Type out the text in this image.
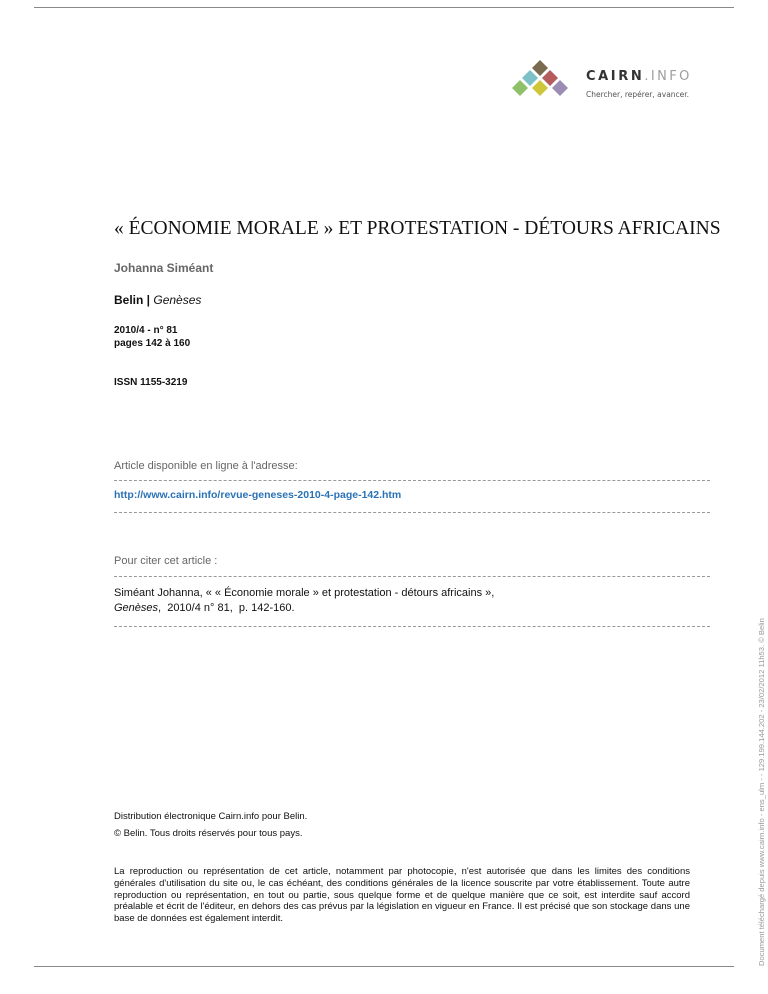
CAIRN.INFO
Chercher, repérer, avancer.
« ÉCONOMIE MORALE » ET PROTESTATION - DÉTOURS AFRICAINS
Johanna Siméant
Belin | Genèses
2010/4 - n° 81
pages 142 à 160
ISSN 1155-3219
Article disponible en ligne à l'adresse:
http://www.cairn.info/revue-geneses-2010-4-page-142.htm
Pour citer cet article :
Siméant Johanna, « « Économie morale » et protestation - détours africains »,
Genèses,  2010/4 n° 81,  p. 142-160.
Distribution électronique Cairn.info pour Belin.
© Belin. Tous droits réservés pour tous pays.
La reproduction ou représentation de cet article, notamment par photocopie, n'est autorisée que dans les limites des conditions générales d'utilisation du site ou, le cas échéant, des conditions générales de la licence souscrite par votre établissement. Toute autre reproduction ou représentation, en tout ou partie, sous quelque forme et de quelque manière que ce soit, est interdite sauf accord préalable et écrit de l'éditeur, en dehors des cas prévus par la législation en vigueur en France. Il est précisé que son stockage dans une base de données est également interdit.	Document téléchargé depuis www.cairn.info - ens_ulm - - 129.199.144.202 - 23/02/2012 11h53. © Belin
